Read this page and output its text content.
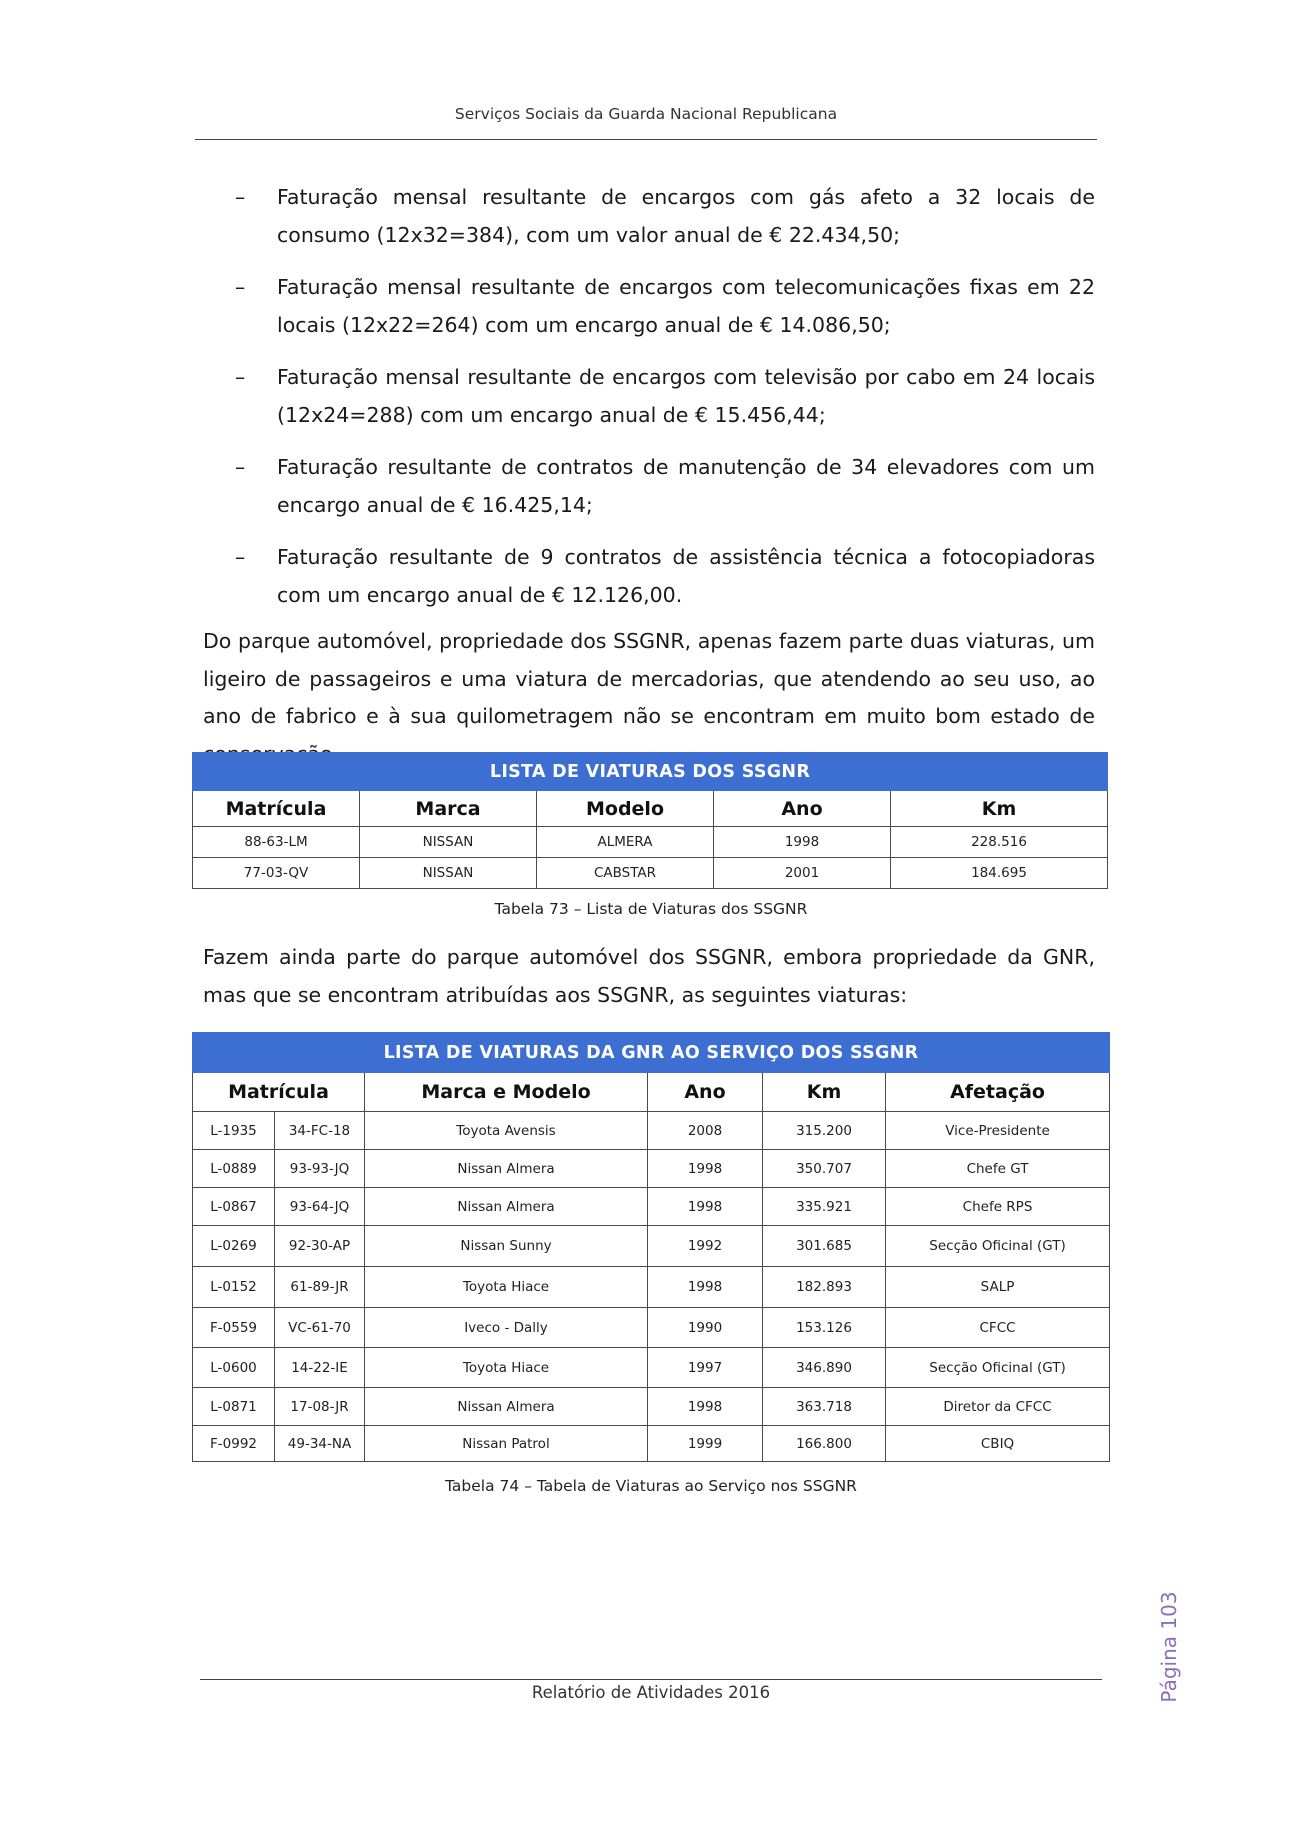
Serviços Sociais da Guarda Nacional Republicana
– Faturação mensal resultante de encargos com gás afeto a 32 locais de consumo (12x32=384), com um valor anual de € 22.434,50;
– Faturação mensal resultante de encargos com telecomunicações fixas em 22 locais (12x22=264) com um encargo anual de € 14.086,50;
– Faturação mensal resultante de encargos com televisão por cabo em 24 locais (12x24=288) com um encargo anual de € 15.456,44;
– Faturação resultante de contratos de manutenção de 34 elevadores com um encargo anual de € 16.425,14;
– Faturação resultante de 9 contratos de assistência técnica a fotocopiadoras com um encargo anual de € 12.126,00.

Do parque automóvel, propriedade dos SSGNR, apenas fazem parte duas viaturas, um ligeiro de passageiros e uma viatura de mercadorias, que atendendo ao seu uso, ao ano de fabrico e à sua quilometragem não se encontram em muito bom estado de

LISTA DE VIATURAS DOS SSGNR				
Matrícula	Marca	Modelo	Ano	Km
88-63-LM	NISSAN	ALMERA	1998	228.516
77-03-QV	NISSAN	CABSTAR	2001	184.695
Tabela 73 – Lista de Viaturas dos SSGNR

Fazem ainda parte do parque automóvel dos SSGNR, embora propriedade da GNR, mas que se encontram atribuídas aos SSGNR, as seguintes viaturas:

LISTA DE VIATURAS DA GNR AO SERVIÇO DOS SSGNR					
Matrícula		Marca e Modelo	Ano	Km	Afetação
L-1935	34-FC-18	Toyota Avensis	2008	315.200	Vice-Presidente
L-0889	93-93-JQ	Nissan Almera	1998	350.707	Chefe GT
L-0867	93-64-JQ	Nissan Almera	1998	335.921	Chefe RPS
L-0269	92-30-AP	Nissan Sunny	1992	301.685	Secção Oficinal (GT)
L-0152	61-89-JR	Toyota Hiace	1998	182.893	SALP
F-0559	VC-61-70	Iveco - Dally	1990	153.126	CFCC
L-0600	14-22-IE	Toyota Hiace	1997	346.890	Secção Oficinal (GT)
L-0871	17-08-JR	Nissan Almera	1998	363.718	Diretor da CFCC
F-0992	49-34-NA	Nissan Patrol	1999	166.800	CBIQ
Tabela 74 – Tabela de Viaturas ao Serviço nos SSGNR
Página 103
Relatório de Atividades 2016
